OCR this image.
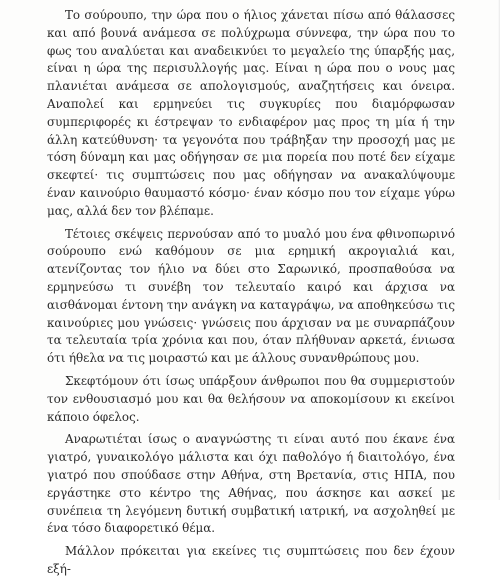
Το σούρουπο, την ώρα που ο ήλιος χάνεται πίσω από θάλασσες και από βουνά ανάμεσα σε πολύχρωμα σύννεφα, την ώρα που το φως του αναλύεται και αναδεικνύει το μεγαλείο της ύπαρξής μας, είναι η ώρα της περισυλλογής μας. Είναι η ώρα που ο νους μας πλανιέται ανάμεσα σε απολογισμούς, αναζητήσεις και όνειρα. Αναπολεί και ερμηνεύει τις συγκυρίες που διαμόρφωσαν συμπεριφορές κι έστρεψαν το ενδιαφέρον μας προς τη μία ή την άλλη κατεύθυνση· τα γεγονότα που τράβηξαν την προσοχή μας με τόση δύναμη και μας οδήγησαν σε μια πορεία που ποτέ δεν είχαμε σκεφτεί· τις συμπτώσεις που μας οδήγησαν να ανακαλύψουμε έναν καινούριο θαυμαστό κόσμο· έναν κόσμο που τον είχαμε γύρω μας, αλλά δεν τον βλέπαμε.

Τέτοιες σκέψεις περνούσαν από το μυαλό μου ένα φθινοπωρινό σούρουπο ενώ καθόμουν σε μια ερημική ακρογιαλιά και, ατενίζοντας τον ήλιο να δύει στο Σαρωνικό, προσπαθούσα να ερμηνεύσω τι συνέβη τον τελευταίο καιρό και άρχισα να αισθάνομαι έντονη την ανάγκη να καταγράψω, να αποθηκεύσω τις καινούριες μου γνώσεις· γνώσεις που άρχισαν να με συναρπάζουν τα τελευταία τρία χρόνια και που, όταν πλήθυναν αρκετά, ένιωσα ότι ήθελα να τις μοιραστώ και με άλλους συνανθρώπους μου.

Σκεφτόμουν ότι ίσως υπάρξουν άνθρωποι που θα συμμεριστούν τον ενθουσιασμό μου και θα θελήσουν να αποκομίσουν κι εκείνοι κάποιο όφελος.

Αναρωτιέται ίσως ο αναγνώστης τι είναι αυτό που έκανε ένα γιατρό, γυναικολόγο μάλιστα και όχι παθολόγο ή διαιτολόγο, ένα γιατρό που σπούδασε στην Αθήνα, στη Βρετανία, στις ΗΠΑ, που εργάστηκε στο κέντρο της Αθήνας, που άσκησε και ασκεί με συνέπεια τη λεγόμενη δυτική συμβατική ιατρική, να ασχοληθεί με ένα τόσο διαφορετικό θέμα.

Μάλλον πρόκειται για εκείνες τις συμπτώσεις που δεν έχουν εξή-
